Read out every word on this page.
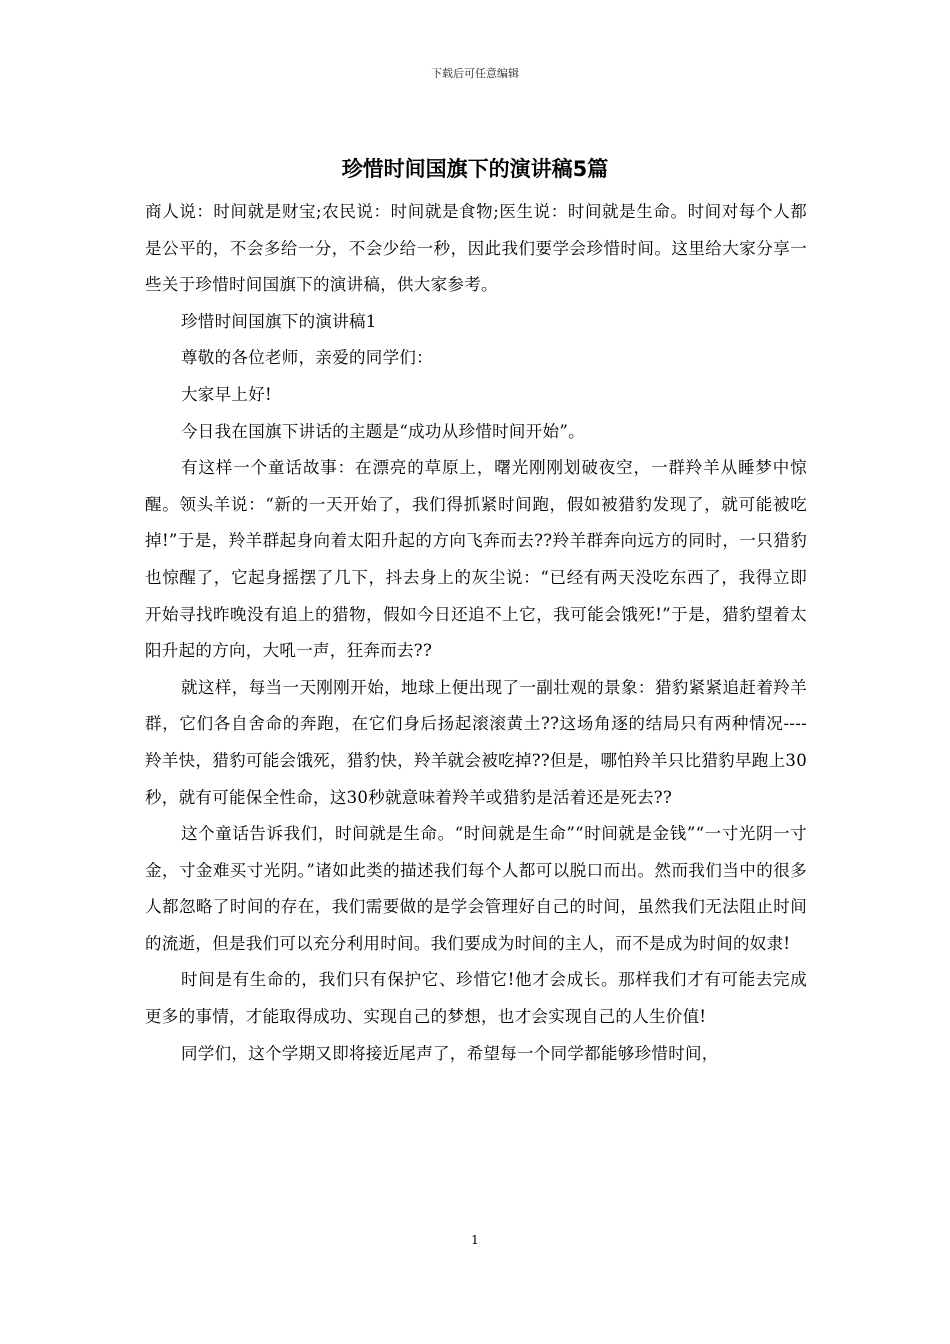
下载后可任意编辑
珍惜时间国旗下的演讲稿5篇

商人说：时间就是财宝;农民说：时间就是食物;医生说：时间就是生命。时间对每个人都是公平的，不会多给一分，不会少给一秒，因此我们要学会珍惜时间。这里给大家分享一些关于珍惜时间国旗下的演讲稿，供大家参考。

珍惜时间国旗下的演讲稿1

尊敬的各位老师，亲爱的同学们：

大家早上好!

今日我在国旗下讲话的主题是“成功从珍惜时间开始”。

有这样一个童话故事：在漂亮的草原上，曙光刚刚划破夜空，一群羚羊从睡梦中惊醒。领头羊说：“新的一天开始了，我们得抓紧时间跑，假如被猎豹发现了，就可能被吃掉!”于是，羚羊群起身向着太阳升起的方向飞奔而去??羚羊群奔向远方的同时，一只猎豹也惊醒了，它起身摇摆了几下，抖去身上的灰尘说：“已经有两天没吃东西了，我得立即开始寻找昨晚没有追上的猎物，假如今日还追不上它，我可能会饿死!”于是，猎豹望着太阳升起的方向，大吼一声，狂奔而去??

就这样，每当一天刚刚开始，地球上便出现了一副壮观的景象：猎豹紧紧追赶着羚羊群，它们各自舍命的奔跑，在它们身后扬起滚滚黄土??这场角逐的结局只有两种情况----羚羊快，猎豹可能会饿死，猎豹快，羚羊就会被吃掉??但是，哪怕羚羊只比猎豹早跑上30秒，就有可能保全性命，这30秒就意味着羚羊或猎豹是活着还是死去??

这个童话告诉我们，时间就是生命。“时间就是生命”“时间就是金钱”“一寸光阴一寸金，寸金难买寸光阴。”诸如此类的描述我们每个人都可以脱口而出。然而我们当中的很多人都忽略了时间的存在，我们需要做的是学会管理好自己的时间，虽然我们无法阻止时间的流逝，但是我们可以充分利用时间。我们要成为时间的主人，而不是成为时间的奴隶!

时间是有生命的，我们只有保护它、珍惜它!他才会成长。那样我们才有可能去完成更多的事情，才能取得成功、实现自己的梦想，也才会实现自己的人生价值!

同学们，这个学期又即将接近尾声了，希望每一个同学都能够珍惜时间，

1
